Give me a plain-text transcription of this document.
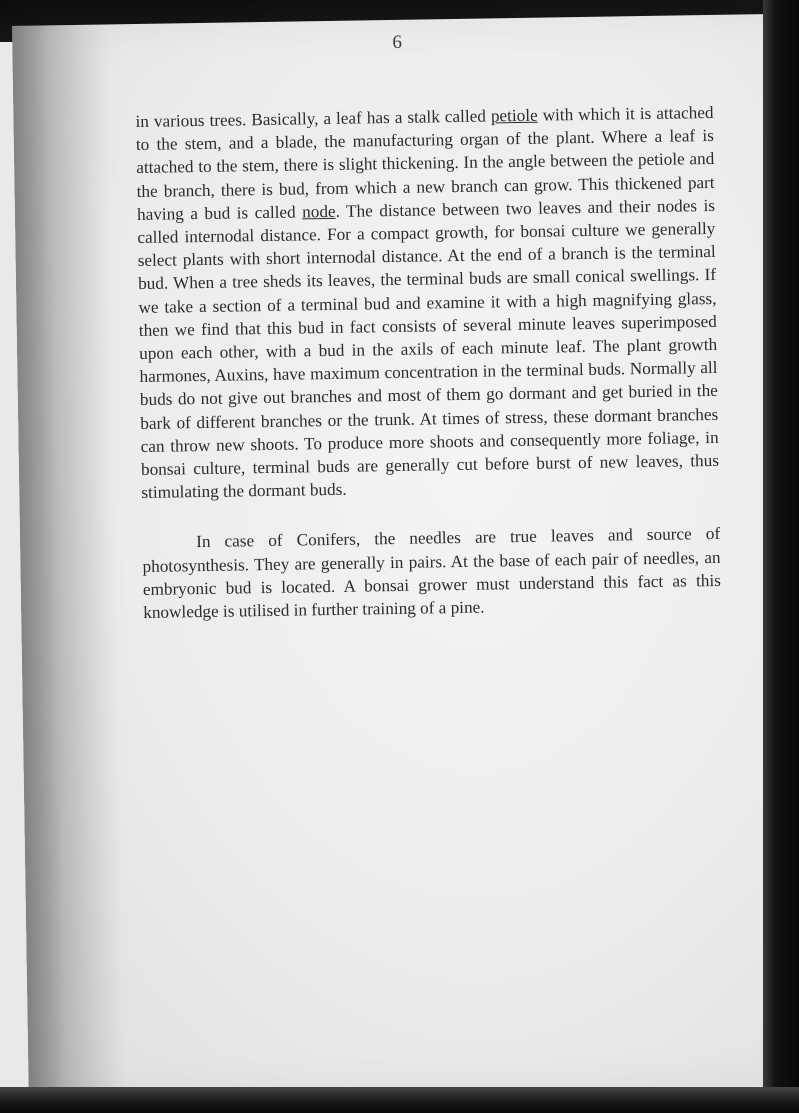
6

in various trees. Basically, a leaf has a stalk called petiole with which it is attached to the stem, and a blade, the manufacturing organ of the plant. Where a leaf is attached to the stem, there is slight thickening. In the angle between the petiole and the branch, there is bud, from which a new branch can grow. This thickened part having a bud is called node. The distance between two leaves and their nodes is called internodal distance. For a compact growth, for bonsai culture we generally select plants with short internodal distance. At the end of a branch is the terminal bud. When a tree sheds its leaves, the terminal buds are small conical swellings. If we take a section of a terminal bud and examine it with a high magnifying glass, then we find that this bud in fact consists of several minute leaves superimposed upon each other, with a bud in the axils of each minute leaf. The plant growth harmones, Auxins, have maximum concentration in the terminal buds. Normally all buds do not give out branches and most of them go dormant and get buried in the bark of different branches or the trunk. At times of stress, these dormant branches can throw new shoots. To produce more shoots and consequently more foliage, in bonsai culture, terminal buds are generally cut before burst of new leaves, thus stimulating the dormant buds.

In case of Conifers, the needles are true leaves and source of photosynthesis. They are generally in pairs. At the base of each pair of needles, an embryonic bud is located. A bonsai grower must understand this fact as this knowledge is utilised in further training of a pine.
